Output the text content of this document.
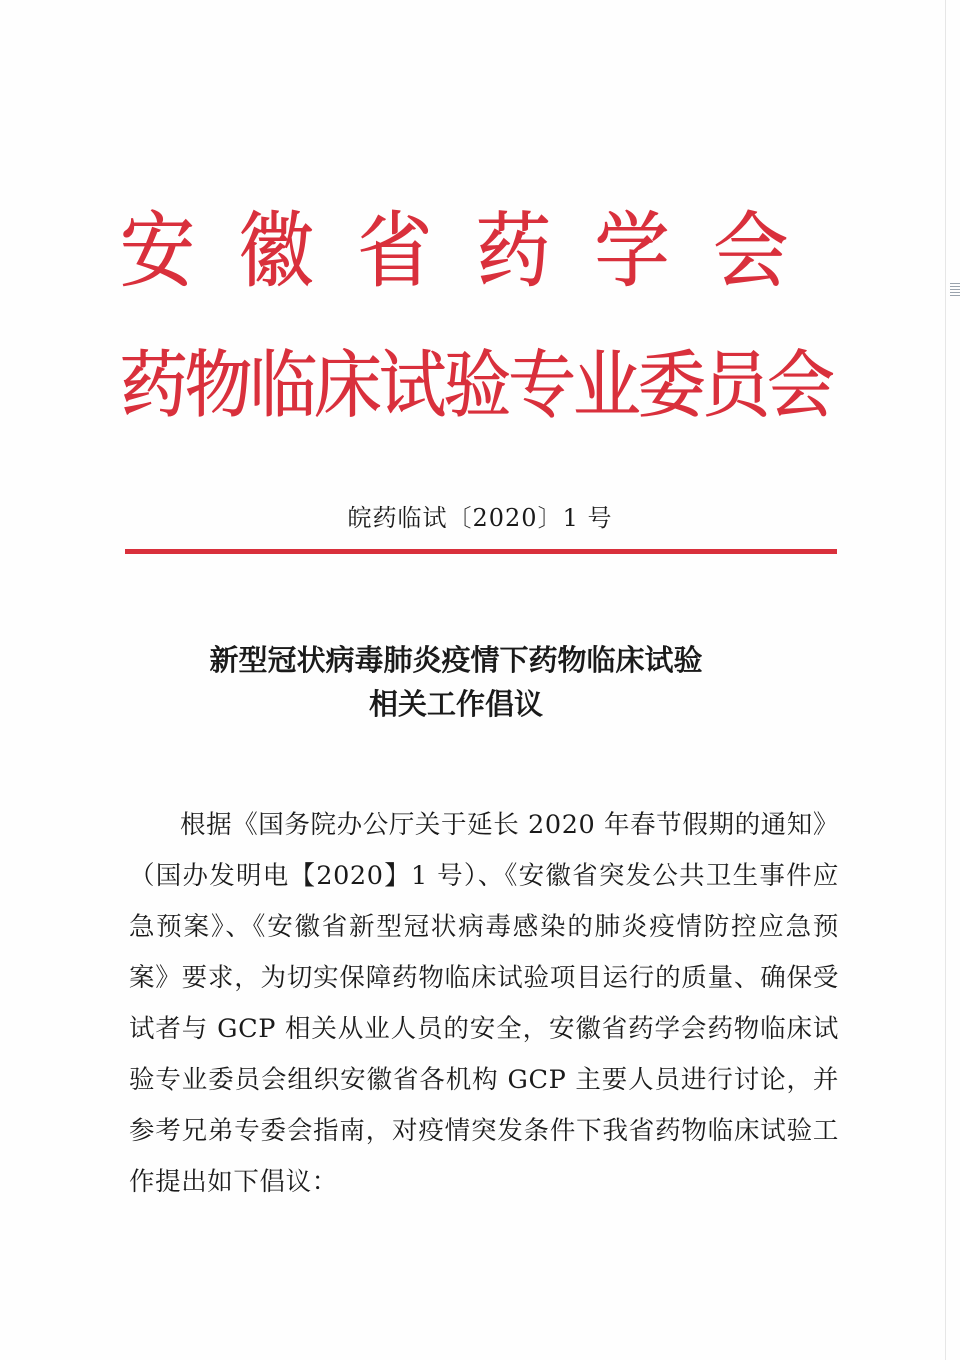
安徽省药学会
药物临床试验专业委员会
皖药临试〔2020〕1 号
新型冠状病毒肺炎疫情下药物临床试验
相关工作倡议

根据《国务院办公厅关于延长 2020 年春节假期的通知》（国办发明电【2020】1 号）、《安徽省突发公共卫生事件应急预案》、《安徽省新型冠状病毒感染的肺炎疫情防控应急预案》要求，为切实保障药物临床试验项目运行的质量、确保受试者与 GCP 相关从业人员的安全，安徽省药学会药物临床试验专业委员会组织安徽省各机构 GCP 主要人员进行讨论，并参考兄弟专委会指南，对疫情突发条件下我省药物临床试验工作提出如下倡议：
